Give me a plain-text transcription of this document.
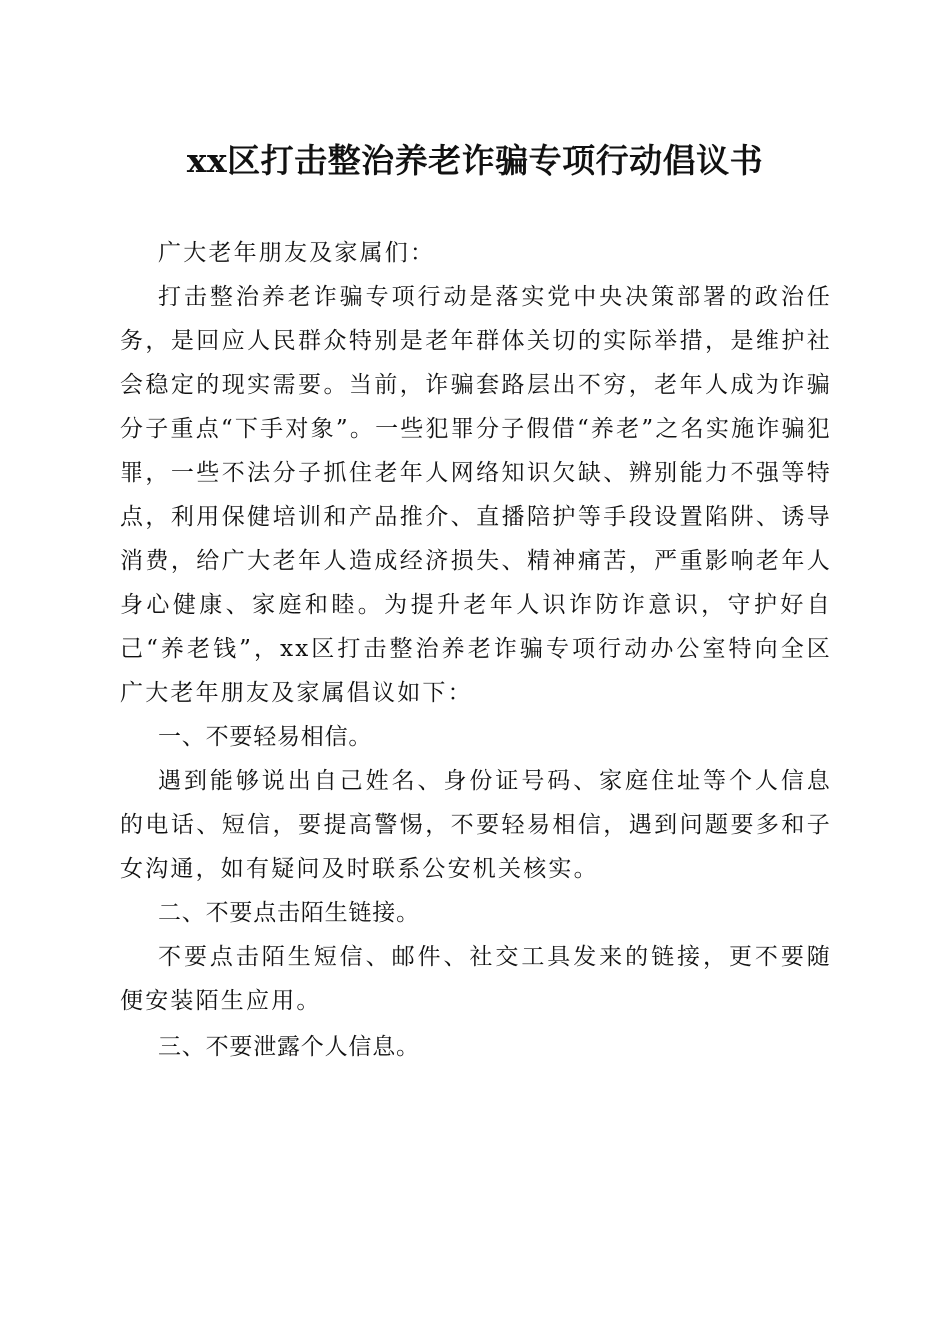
xx区打击整治养老诈骗专项行动倡议书

广大老年朋友及家属们：

打击整治养老诈骗专项行动是落实党中央决策部署的政治任务，是回应人民群众特别是老年群体关切的实际举措，是维护社会稳定的现实需要。当前，诈骗套路层出不穷，老年人成为诈骗分子重点“下手对象”。一些犯罪分子假借“养老”之名实施诈骗犯罪，一些不法分子抓住老年人网络知识欠缺、辨别能力不强等特点，利用保健培训和产品推介、直播陪护等手段设置陷阱、诱导消费，给广大老年人造成经济损失、精神痛苦，严重影响老年人身心健康、家庭和睦。为提升老年人识诈防诈意识，守护好自己“养老钱”，xx区打击整治养老诈骗专项行动办公室特向全区广大老年朋友及家属倡议如下：

一、不要轻易相信。

遇到能够说出自己姓名、身份证号码、家庭住址等个人信息的电话、短信，要提高警惕，不要轻易相信，遇到问题要多和子女沟通，如有疑问及时联系公安机关核实。

二、不要点击陌生链接。

不要点击陌生短信、邮件、社交工具发来的链接，更不要随便安装陌生应用。

三、不要泄露个人信息。
